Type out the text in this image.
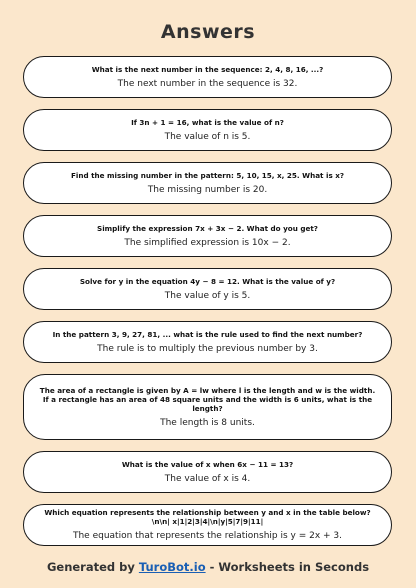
Answers
What is the next number in the sequence: 2, 4, 8, 16, ...?
The next number in the sequence is 32.
If 3n + 1 = 16, what is the value of n?
The value of n is 5.
Find the missing number in the pattern: 5, 10, 15, x, 25. What is x?
The missing number is 20.
Simplify the expression 7x + 3x − 2. What do you get?
The simplified expression is 10x − 2.
Solve for y in the equation 4y − 8 = 12. What is the value of y?
The value of y is 5.
In the pattern 3, 9, 27, 81, ... what is the rule used to find the next number?
The rule is to multiply the previous number by 3.
The area of a rectangle is given by A = lw where l is the length and w is the width. If a rectangle has an area of 48 square units and the width is 6 units, what is the length?
The length is 8 units.
What is the value of x when 6x − 11 = 13?
The value of x is 4.
Which equation represents the relationship between y and x in the table below?\n\n| x|1|2|3|4|\n|y|5|7|9|11|
The equation that represents the relationship is y = 2x + 3.
Generated by TuroBot.io - Worksheets in Seconds
